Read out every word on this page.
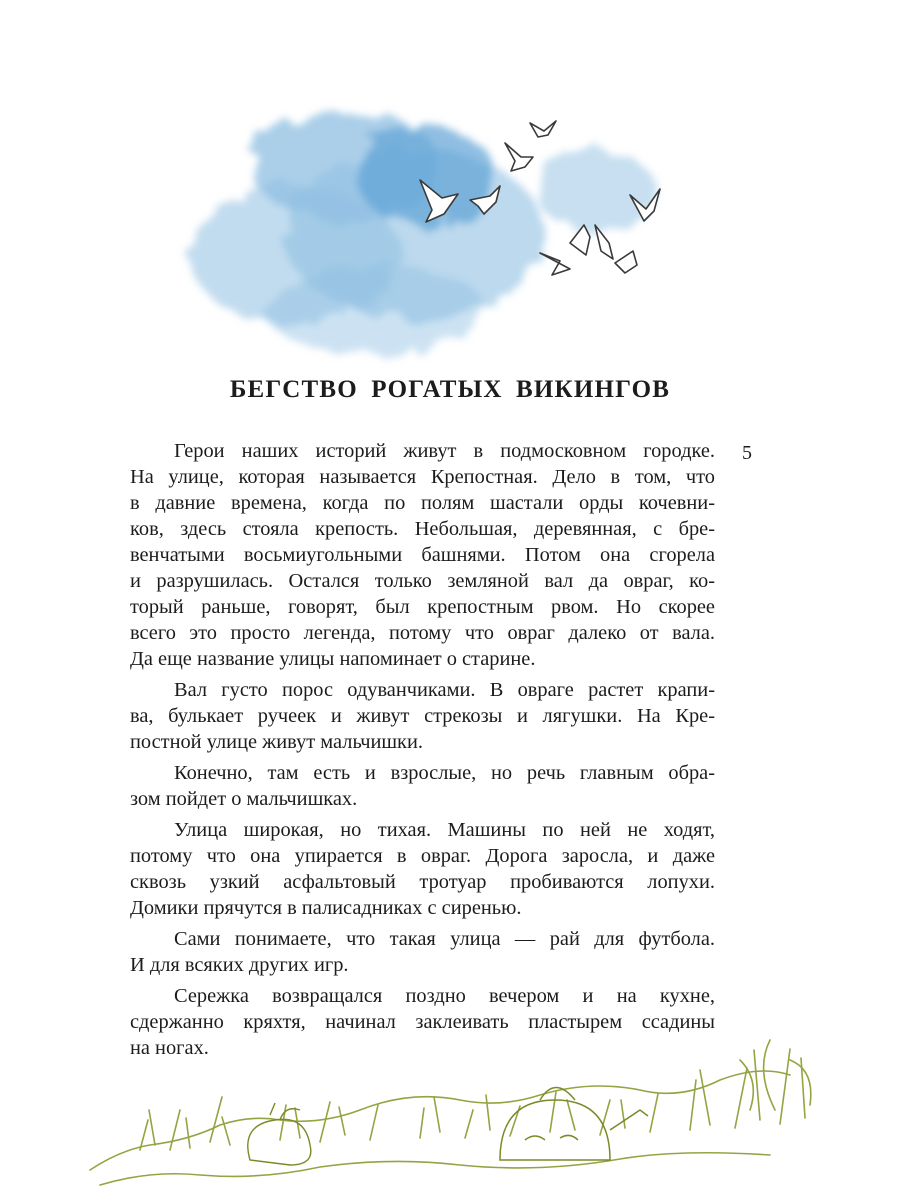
БЕГСТВО РОГАТЫХ ВИКИНГОВ
5
Герои наших историй живут в подмосковном городке.
На улице, которая называется Крепостная. Дело в том, что
в давние времена, когда по полям шастали орды кочевни-
ков, здесь стояла крепость. Небольшая, деревянная, с бре-
венчатыми восьмиугольными башнями. Потом она сгорела
и разрушилась. Остался только земляной вал да овраг, ко-
торый раньше, говорят, был крепостным рвом. Но скорее
всего это просто легенда, потому что овраг далеко от вала.
Да еще название улицы напоминает о старине.
Вал густо порос одуванчиками. В овраге растет крапи-
ва, булькает ручеек и живут стрекозы и лягушки. На Кре-
постной улице живут мальчишки.
Конечно, там есть и взрослые, но речь главным обра-
зом пойдет о мальчишках.
Улица широкая, но тихая. Машины по ней не ходят,
потому что она упирается в овраг. Дорога заросла, и даже
сквозь узкий асфальтовый тротуар пробиваются лопухи.
Домики прячутся в палисадниках с сиренью.
Сами понимаете, что такая улица — рай для футбола.
И для всяких других игр.
Сережка возвращался поздно вечером и на кухне,
сдержанно кряхтя, начинал заклеивать пластырем ссадины
на ногах.
